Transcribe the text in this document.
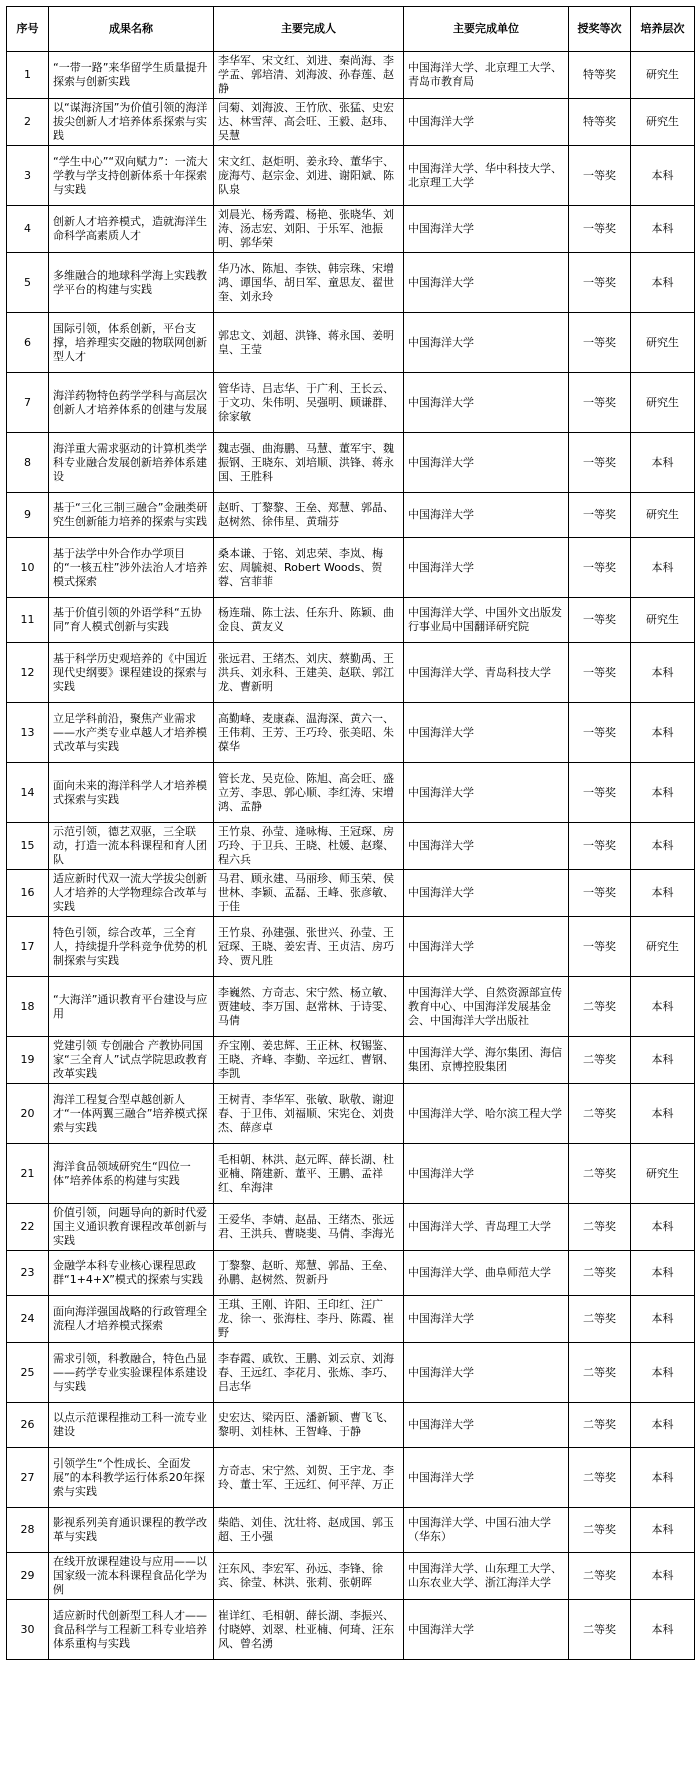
序号	成果名称	主要完成人	主要完成单位	授奖等次	培养层次
1	“一带一路”来华留学生质量提升探索与创新实践	李华军、宋文红、刘进、秦尚海、李学孟、郭培清、刘海波、孙春莲、赵静	中国海洋大学、北京理工大学、青岛市教育局	特等奖	研究生
2	以“谋海济国”为价值引领的海洋拔尖创新人才培养体系探索与实践	闫菊、刘海波、王竹欣、张猛、史宏达、林雪萍、高会旺、王毅、赵玮、吴慧	中国海洋大学	特等奖	研究生
3	“学生中心”“双向赋力”：一流大学教与学支持创新体系十年探索与实践	宋文红、赵炬明、姜永玲、董华宇、庞海芍、赵宗金、刘进、谢阳斌、陈队泉	中国海洋大学、华中科技大学、北京理工大学	一等奖	本科
4	创新人才培养模式，造就海洋生命科学高素质人才	刘晨光、杨秀霞、杨艳、张晓华、刘涛、汤志宏、刘阳、于乐军、池振明、郭华荣	中国海洋大学	一等奖	本科
5	多维融合的地球科学海上实践教学平台的构建与实践	华乃冰、陈旭、李铁、韩宗珠、宋增鸿、谭国华、胡日军、童思友、翟世奎、刘永玲	中国海洋大学	一等奖	本科
6	国际引领，体系创新，平台支撑，培养理实交融的物联网创新型人才	郭忠文、刘超、洪锋、蒋永国、姜明皇、王莹	中国海洋大学	一等奖	研究生
7	海洋药物特色药学学科与高层次创新人才培养体系的创建与发展	管华诗、吕志华、于广利、王长云、于文功、朱伟明、吴强明、顾谦群、徐家敏	中国海洋大学	一等奖	研究生
8	海洋重大需求驱动的计算机类学科专业融合发展创新培养体系建设	魏志强、曲海鹏、马慧、董军宇、魏振钢、王晓东、刘培顺、洪锋、蒋永国、王胜科	中国海洋大学	一等奖	本科
9	基于“三化三制三融合”金融类研究生创新能力培养的探索与实践	赵昕、丁黎黎、王垒、郑慧、郭晶、赵树然、徐伟星、黄瑞芬	中国海洋大学	一等奖	研究生
10	基于法学中外合作办学项目的“一核五柱”涉外法治人才培养模式探索	桑本谦、于铭、刘忠荣、李岚、梅宏、周毓昶、Robert Woods、贺蓉、宫菲菲	中国海洋大学	一等奖	本科
11	基于价值引领的外语学科“五协同”育人模式创新与实践	杨连瑞、陈士法、任东升、陈颖、曲金良、黄友义	中国海洋大学、中国外文出版发行事业局中国翻译研究院	一等奖	研究生
12	基于科学历史观培养的《中国近现代史纲要》课程建设的探索与实践	张远君、王绪杰、刘庆、蔡勤禹、王洪兵、刘永科、王建美、赵联、郭江龙、曹新明	中国海洋大学、青岛科技大学	一等奖	本科
13	立足学科前沿，聚焦产业需求——水产类专业卓越人才培养模式改革与实践	高勤峰、麦康森、温海深、黄六一、王伟莉、王芳、王巧玲、张美昭、朱葆华	中国海洋大学	一等奖	本科
14	面向未来的海洋科学人才培养模式探索与实践	管长龙、吴克俭、陈旭、高会旺、盛立芳、李思、郭心顺、李红涛、宋增鸿、孟静	中国海洋大学	一等奖	本科
15	示范引领，德艺双驱，三全联动，打造一流本科课程和育人团队	王竹泉、孙莹、逄咏梅、王冠琛、房巧玲、于卫兵、王晓、杜媛、赵璨、程六兵	中国海洋大学	一等奖	本科
16	适应新时代双一流大学拔尖创新人才培养的大学物理综合改革与实践	马君、顾永建、马丽珍、师玉荣、侯世林、李颖、孟磊、王峰、张彦敏、于佳	中国海洋大学	一等奖	本科
17	特色引领，综合改革，三全育人，持续提升学科竞争优势的机制探索与实践	王竹泉、孙建强、张世兴、孙莹、王冠琛、王晓、姜宏青、王贞洁、房巧玲、贾凡胜	中国海洋大学	一等奖	研究生
18	“大海洋”通识教育平台建设与应用	李巍然、方奇志、宋宁然、杨立敏、贾建岐、李万国、赵常林、于诗雯、马倩	中国海洋大学、自然资源部宣传教育中心、中国海洋发展基金会、中国海洋大学出版社	二等奖	本科
19	党建引领 专创融合 产教协同国家“三全育人”试点学院思政教育改革实践	乔宝刚、姜忠辉、王正林、权锡鉴、王晓、齐峰、李勤、辛远红、曹钢、李凯	中国海洋大学、海尔集团、海信集团、京博控股集团	二等奖	本科
20	海洋工程复合型卓越创新人才“一体两翼三融合”培养模式探索与实践	王树青、李华军、张敏、耿敬、谢迎春、于卫伟、刘福顺、宋宪仓、刘贵杰、薛彦卓	中国海洋大学、哈尔滨工程大学	二等奖	本科
21	海洋食品领域研究生“四位一体”培养体系的构建与实践	毛相朝、林洪、赵元晖、薛长湖、杜亚楠、隋建新、董平、王鹏、孟祥红、牟海津	中国海洋大学	二等奖	研究生
22	价值引领，问题导向的新时代爱国主义通识教育课程改革创新与实践	王爱华、李婧、赵晶、王绪杰、张远君、王洪兵、曹晓斐、马倩、李海光	中国海洋大学、青岛理工大学	二等奖	本科
23	金融学本科专业核心课程思政群“1+4+X”模式的探索与实践	丁黎黎、赵昕、郑慧、郭晶、王垒、孙鹏、赵树然、贺新丹	中国海洋大学、曲阜师范大学	二等奖	本科
24	面向海洋强国战略的行政管理全流程人才培养模式探索	王琪、王刚、许阳、王印红、汪广龙、徐一、张海柱、李丹、陈霞、崔野	中国海洋大学	二等奖	本科
25	需求引领，科教融合，特色凸显——药学专业实验课程体系建设与实践	李春霞、戚钦、王鹏、刘云京、刘海春、王远红、李花月、张炼、李巧、吕志华	中国海洋大学	二等奖	本科
26	以点示范课程推动工科一流专业建设	史宏达、梁丙臣、潘新颖、曹飞飞、黎明、刘桂林、王智峰、于静	中国海洋大学	二等奖	本科
27	引领学生“个性成长、全面发展”的本科教学运行体系20年探索与实践	方奇志、宋宁然、刘贺、王宇龙、李玲、董士军、王远红、何平萍、万正	中国海洋大学	二等奖	本科
28	影视系列美育通识课程的教学改革与实践	柴皓、刘佳、沈壮将、赵成国、郭玉超、王小强	中国海洋大学、中国石油大学（华东）	二等奖	本科
29	在线开放课程建设与应用——以国家级一流本科课程食品化学为例	汪东风、李宏军、孙远、李锋、徐宾、徐莹、林洪、张莉、张朝晖	中国海洋大学、山东理工大学、山东农业大学、浙江海洋大学	二等奖	本科
30	适应新时代创新型工科人才——食品科学与工程新工科专业培养体系重构与实践	崔详红、毛相朝、薛长湖、李振兴、付晓婷、刘翠、杜亚楠、何琦、汪东风、曾名湧	中国海洋大学	二等奖	本科
